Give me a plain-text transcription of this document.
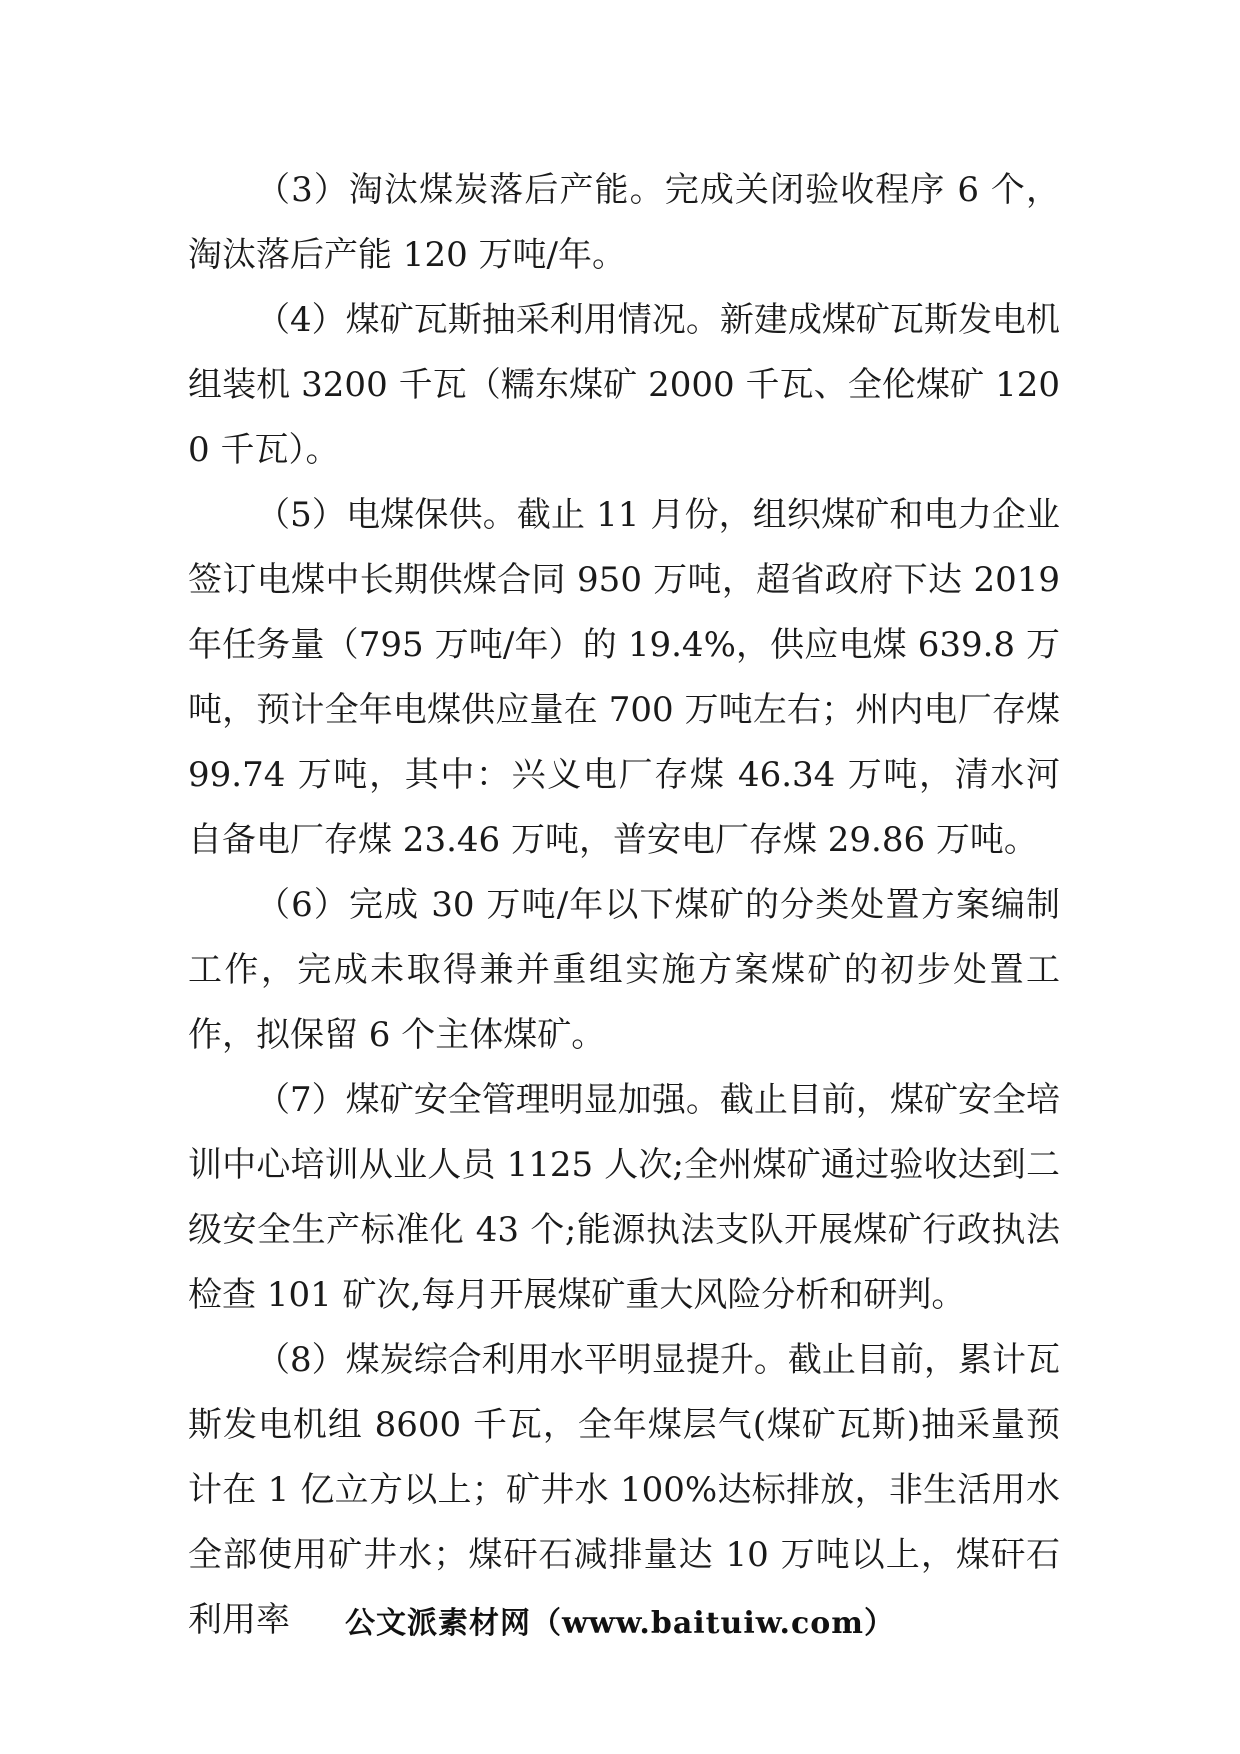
（3）淘汰煤炭落后产能。完成关闭验收程序 6 个，淘汰落后产能 120 万吨/年。

（4）煤矿瓦斯抽采利用情况。新建成煤矿瓦斯发电机组装机 3200 千瓦（糯东煤矿 2000 千瓦、全伦煤矿 1200 千瓦）。

（5）电煤保供。截止 11 月份，组织煤矿和电力企业签订电煤中长期供煤合同 950 万吨，超省政府下达 2019 年任务量（795 万吨/年）的 19.4%，供应电煤 639.8 万吨，预计全年电煤供应量在 700 万吨左右；州内电厂存煤 99.74 万吨，其中：兴义电厂存煤 46.34 万吨，清水河自备电厂存煤 23.46 万吨，普安电厂存煤 29.86 万吨。

（6）完成 30 万吨/年以下煤矿的分类处置方案编制工作，完成未取得兼并重组实施方案煤矿的初步处置工作，拟保留 6 个主体煤矿。

（7）煤矿安全管理明显加强。截止目前，煤矿安全培训中心培训从业人员 1125 人次;全州煤矿通过验收达到二级安全生产标准化 43 个;能源执法支队开展煤矿行政执法检查 101 矿次,每月开展煤矿重大风险分析和研判。

（8）煤炭综合利用水平明显提升。截止目前，累计瓦斯发电机组 8600 千瓦，全年煤层气(煤矿瓦斯)抽采量预计在 1 亿立方以上；矿井水 100%达标排放，非生活用水全部使用矿井水；煤矸石减排量达 10 万吨以上，煤矸石利用率	公文派素材网（www.baituiw.com）
